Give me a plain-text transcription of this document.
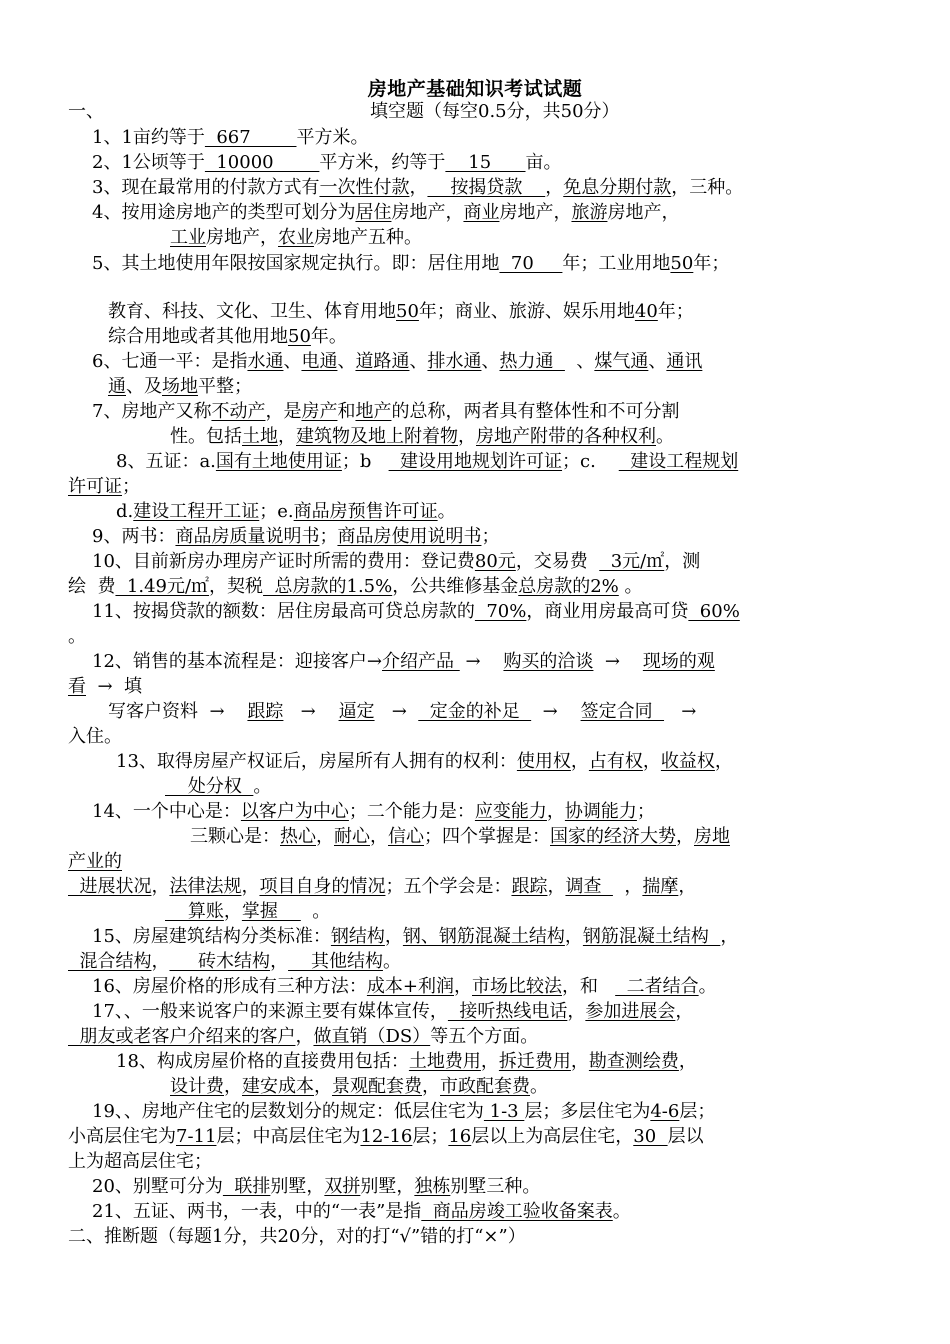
房地产基础知识考试试题
一、	填空题（每空0.5分，共50分）
1、1亩约等于  667        平方米。
2、1公顷等于  10000        平方米，约等于    15      亩。
3、现在最常用的付款方式有一次性付款，    按揭贷款    ，免息分期付款，三种。
4、按用途房地产的类型可划分为居住房地产，商业房地产，旅游房地产，
工业房地产，农业房地产五种。
5、其土地使用年限按国家规定执行。即：居住用地  70     年；工业用地50年；
教育、科技、文化、卫生、体育用地50年；商业、旅游、娱乐用地40年；
综合用地或者其他用地50年。
6、七通一平：是指水通、电通、道路通、排水通、热力通    、煤气通、通讯
通、及场地平整；
7、房地产又称不动产，是房产和地产的总称，两者具有整体性和不可分割
性。包括土地，建筑物及地上附着物，房地产附带的各种权利。
8、五证：a.国有土地使用证；b     建设用地规划许可证；c.      建设工程规划
许可证；
d.建设工程开工证；e.商品房预售许可证。
9、两书：商品房质量说明书；商品房使用说明书；
10、目前新房办理房产证时所需的费用：登记费80元，交易费    3元/㎡，测
绘  费  1.49元/㎡，契税  总房款的1.5%，公共维修基金总房款的2% 。
11、按揭贷款的额数：居住房最高可贷总房款的  70%，商业用房最高可贷  60%
。
12、销售的基本流程是：迎接客户→介绍产品  →    购买的洽谈  →    现场的观
看  →  填
写客户资料  →    跟踪   →    逼定   →    定金的补足    →    签定合同     →
入住。
13、取得房屋产权证后，房屋所有人拥有的权利：使用权，占有权，收益权，
处分权  。
14、一个中心是：以客户为中心；二个能力是：应变能力，协调能力；
三颗心是：热心，耐心，信心；四个掌握是：国家的经济大势，房地
产业的
进展状况，法律法规，项目自身的情况；五个学会是：跟踪，调查    ，揣摩，
算账，掌握      。
15、房屋建筑结构分类标准：钢结构，钢、钢筋混凝土结构，钢筋混凝土结构  ，
混合结构，     砖木结构，    其他结构。
16、房屋价格的形成有三种方法：成本+利润，市场比较法，和     二者结合。
17、、一般来说客户的来源主要有媒体宣传，  接听热线电话，参加进展会，
朋友或老客户介绍来的客户，做直销（DS）等五个方面。
18、构成房屋价格的直接费用包括：土地费用，拆迁费用，勘查测绘费，
设计费，建安成本，景观配套费，市政配套费。
19、、房地产住宅的层数划分的规定：低层住宅为 1-3 层；多层住宅为4-6层；
小高层住宅为7-11层；中高层住宅为12-16层；16层以上为高层住宅，30  层以
上为超高层住宅；
20、别墅可分为  联排别墅，双拼别墅，独栋别墅三种。
21、五证、两书，一表，中的“一表”是指  商品房竣工验收备案表。
二、推断题（每题1分，共20分，对的打“√”错的打“×”）
